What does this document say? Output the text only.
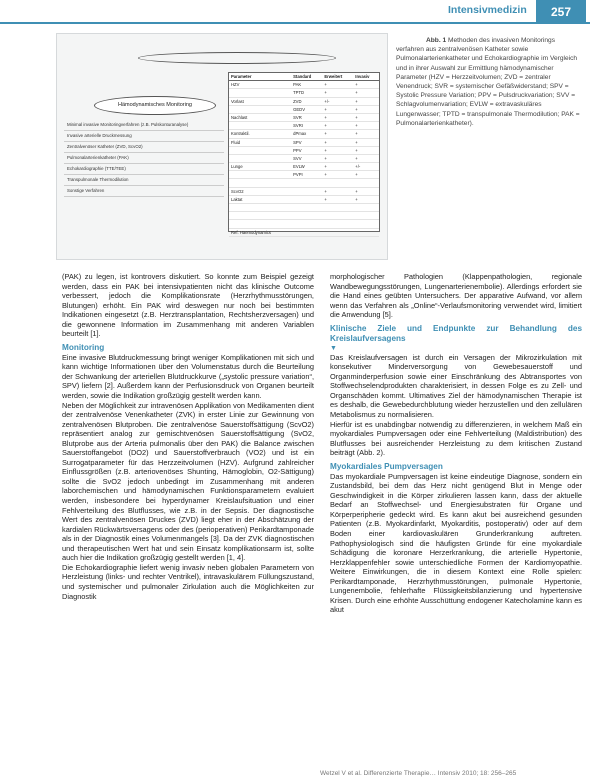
Intensivmedizin	257
Hämodynamisches Monitoring
Minimal invasive Monitoringverfahren (z.B. Pulskonturanalyse)
Invasive arterielle Druckmessung
Zentralvenöser Katheter (ZVD, ScvO2)
Pulmonalarterienkatheter (PAK)
Echokardiographie (TTE/TEE)
Transpulmonale Thermodilution
Sonstige Verfahren
Parameter	Standard	Erweitert	Invasiv
HZV	PAK	+	+
	TPTD	+	+
Vorlast	ZVD	+/-	+
	GEDV	+	+
Nachlast	SVR	+	+
	SVRI	+	+
Kontraktil.	dPmax	+	+
Fluid	SPV	+	+
	PPV	+	+
	SVV	+	+
Lunge	EVLW	+	+/-
	PVPI	+	+

ScvO2		+	+
Laktat		+	+

Ref. Haemodynamics			
Abb. 1 Methoden des invasiven Monitorings verfahren aus zentralvenösen Katheter sowie Pulmonalarterienkatheter und Echokardiographie im Vergleich und in ihrer Auswahl zur Ermittlung hämodynamischer Parameter (HZV = Herzzeitvolumen; ZVD = zentraler Venendruck; SVR = systemischer Gefäßwiderstand; SPV = Systolic Pressure Variation; PPV = Pulsdruckvariation; SVV = Schlagvolumenvariation; EVLW = extravaskuläres Lungenwasser; TPTD = transpulmonale Thermodilution; PAK = Pulmonalarterienkatheter).

(PAK) zu legen, ist kontrovers diskutiert. So konnte zum Beispiel gezeigt werden, dass ein PAK bei intensivpatienten nicht das klinische Outcome verbessert, jedoch die Komplikationsrate (Herzrhythmusstörungen, Blutungen) erhöht. Ein PAK wird deswegen nur noch bei bestimmten Indikationen eingesetzt (z.B. Herztransplantation, Rechtsherzversagen) und die gewonnene Information im Zusammenhang mit anderen Variablen beurteilt [1].

Monitoring

Eine invasive Blutdruckmessung bringt weniger Komplikationen mit sich und kann wichtige Informationen über den Volumenstatus durch die Beurteilung der Schwankung der arteriellen Blutdruckkurve („systolic pressure variation“, SPV) liefern [2]. Außerdem kann der Perfusionsdruck von Organen beurteilt werden, sowie die Indikation großzügig gestellt werden kann.

Neben der Möglichkeit zur intravenösen Applikation von Medikamenten dient der zentralvenöse Venenkatheter (ZVK) in erster Linie zur Gewinnung von zentralvenösen Blutproben. Die zentralvenöse Sauerstoffsättigung (ScvO2) repräsentiert analog zur gemischtvenösen Sauerstoffsättigung (SvO2, Blutprobe aus der Arteria pulmonalis über den PAK) die Balance zwischen Sauerstoffangebot (DO2) und Sauerstoffverbrauch (VO2) und ist ein Surrogatparameter für das Herzzeitvolumen (HZV). Aufgrund zahlreicher Einflussgrößen (z.B. arteriovenöses Shunting, Hämoglobin, O2-Sättigung) sollte die SvO2 jedoch unbedingt im Zusammenhang mit anderen laborchemischen und hämodynamischen Funktionsparametern evaluiert werden, insbesondere bei hyperdynamer Kreislaufsituation und einer Fehlverteilung des Blutflusses, wie z.B. in der Sepsis. Der diagnostische Wert des zentralvenösen Druckes (ZVD) liegt eher in der Abschätzung der kardialen Rückwärtsversagens oder des (perioperativen) Perikardtamponade als in der Diagnostik eines Volumenmangels [3]. Da der ZVK diagnostischen und therapeutischen Wert hat und sein Einsatz komplikationsarm ist, sollte auch hier die Indikation großzügig gestellt werden [1, 4].

Die Echokardiographie liefert wenig invasiv neben globalen Parametern von Herzleistung (links- und rechter Ventrikel), intravaskulärem Füllungszustand, und systemischer und pulmonaler Zirkulation auch die Möglichkeiten zur Diagnostik

morphologischer Pathologien (Klappenpathologien, regionale Wandbewegungsstörungen, Lungenarterienembolie). Allerdings erfordert sie die Hand eines geübten Untersuchers. Der apparative Aufwand, vor allem wenn das Verfahren als „Online“-Verlaufsmonitoring verwendet wird, limitiert die Anwendung [5].

Klinische Ziele und Endpunkte zur Behandlung des Kreislaufversagens

▼

Das Kreislaufversagen ist durch ein Versagen der Mikrozirkulation mit konsekutiver Minderversorgung von Gewebesauerstoff und Organminderperfusion sowie einer Einschränkung des Abtransportes von Stoffwechselendprodukten charakterisiert, in dessen Folge es zu Zell- und Organschäden kommt. Ultimatives Ziel der hämodynamischen Therapie ist es deshalb, die Gewebedurchblutung wieder herzustellen und den zellulären Metabolismus zu normalisieren.

Hierfür ist es unabdingbar notwendig zu differenzieren, in welchem Maß ein myokardiales Pumpversagen oder eine Fehlverteilung (Maldistribution) des Blutflusses bei ausreichender Herzleistung zu dem kritischen Zustand beiträgt (Abb. 2).

Myokardiales Pumpversagen

Das myokardiale Pumpversagen ist keine eindeutige Diagnose, sondern ein Zustandsbild, bei dem das Herz nicht genügend Blut in Menge oder Geschwindigkeit in die Körper zirkulieren lassen kann, dass der aktuelle Bedarf an Stoffwechsel- und Energiesubstraten für Organe und Körperperipherie gedeckt wird. Es kann akut bei ausreichend gesunden Patienten (z.B. Myokardinfarkt, Myokarditis, postoperativ) oder auf dem Boden einer kardiovaskulären Grunderkrankung auftreten. Pathophysiologisch sind die häufigsten Gründe für eine myokardiale Schädigung die koronare Herzerkrankung, die arterielle Hypertonie, Herzklappenfehler sowie unterschiedliche Formen der Kardiomyopathie. Weitere Einwirkungen, die in diesem Kontext eine Rolle spielen: Perikardtamponade, Herzrhythmusstörungen, pulmonale Hypertonie, Lungenembolie, fehlerhafte Flüssigkeitsbilanzierung und hypertensive Krisen. Durch eine erhöhte Ausschüttung endogener Katecholamine kann es akut

Wetzel V et al. Differenzierte Therapie… Intensiv 2010; 18: 256–265
